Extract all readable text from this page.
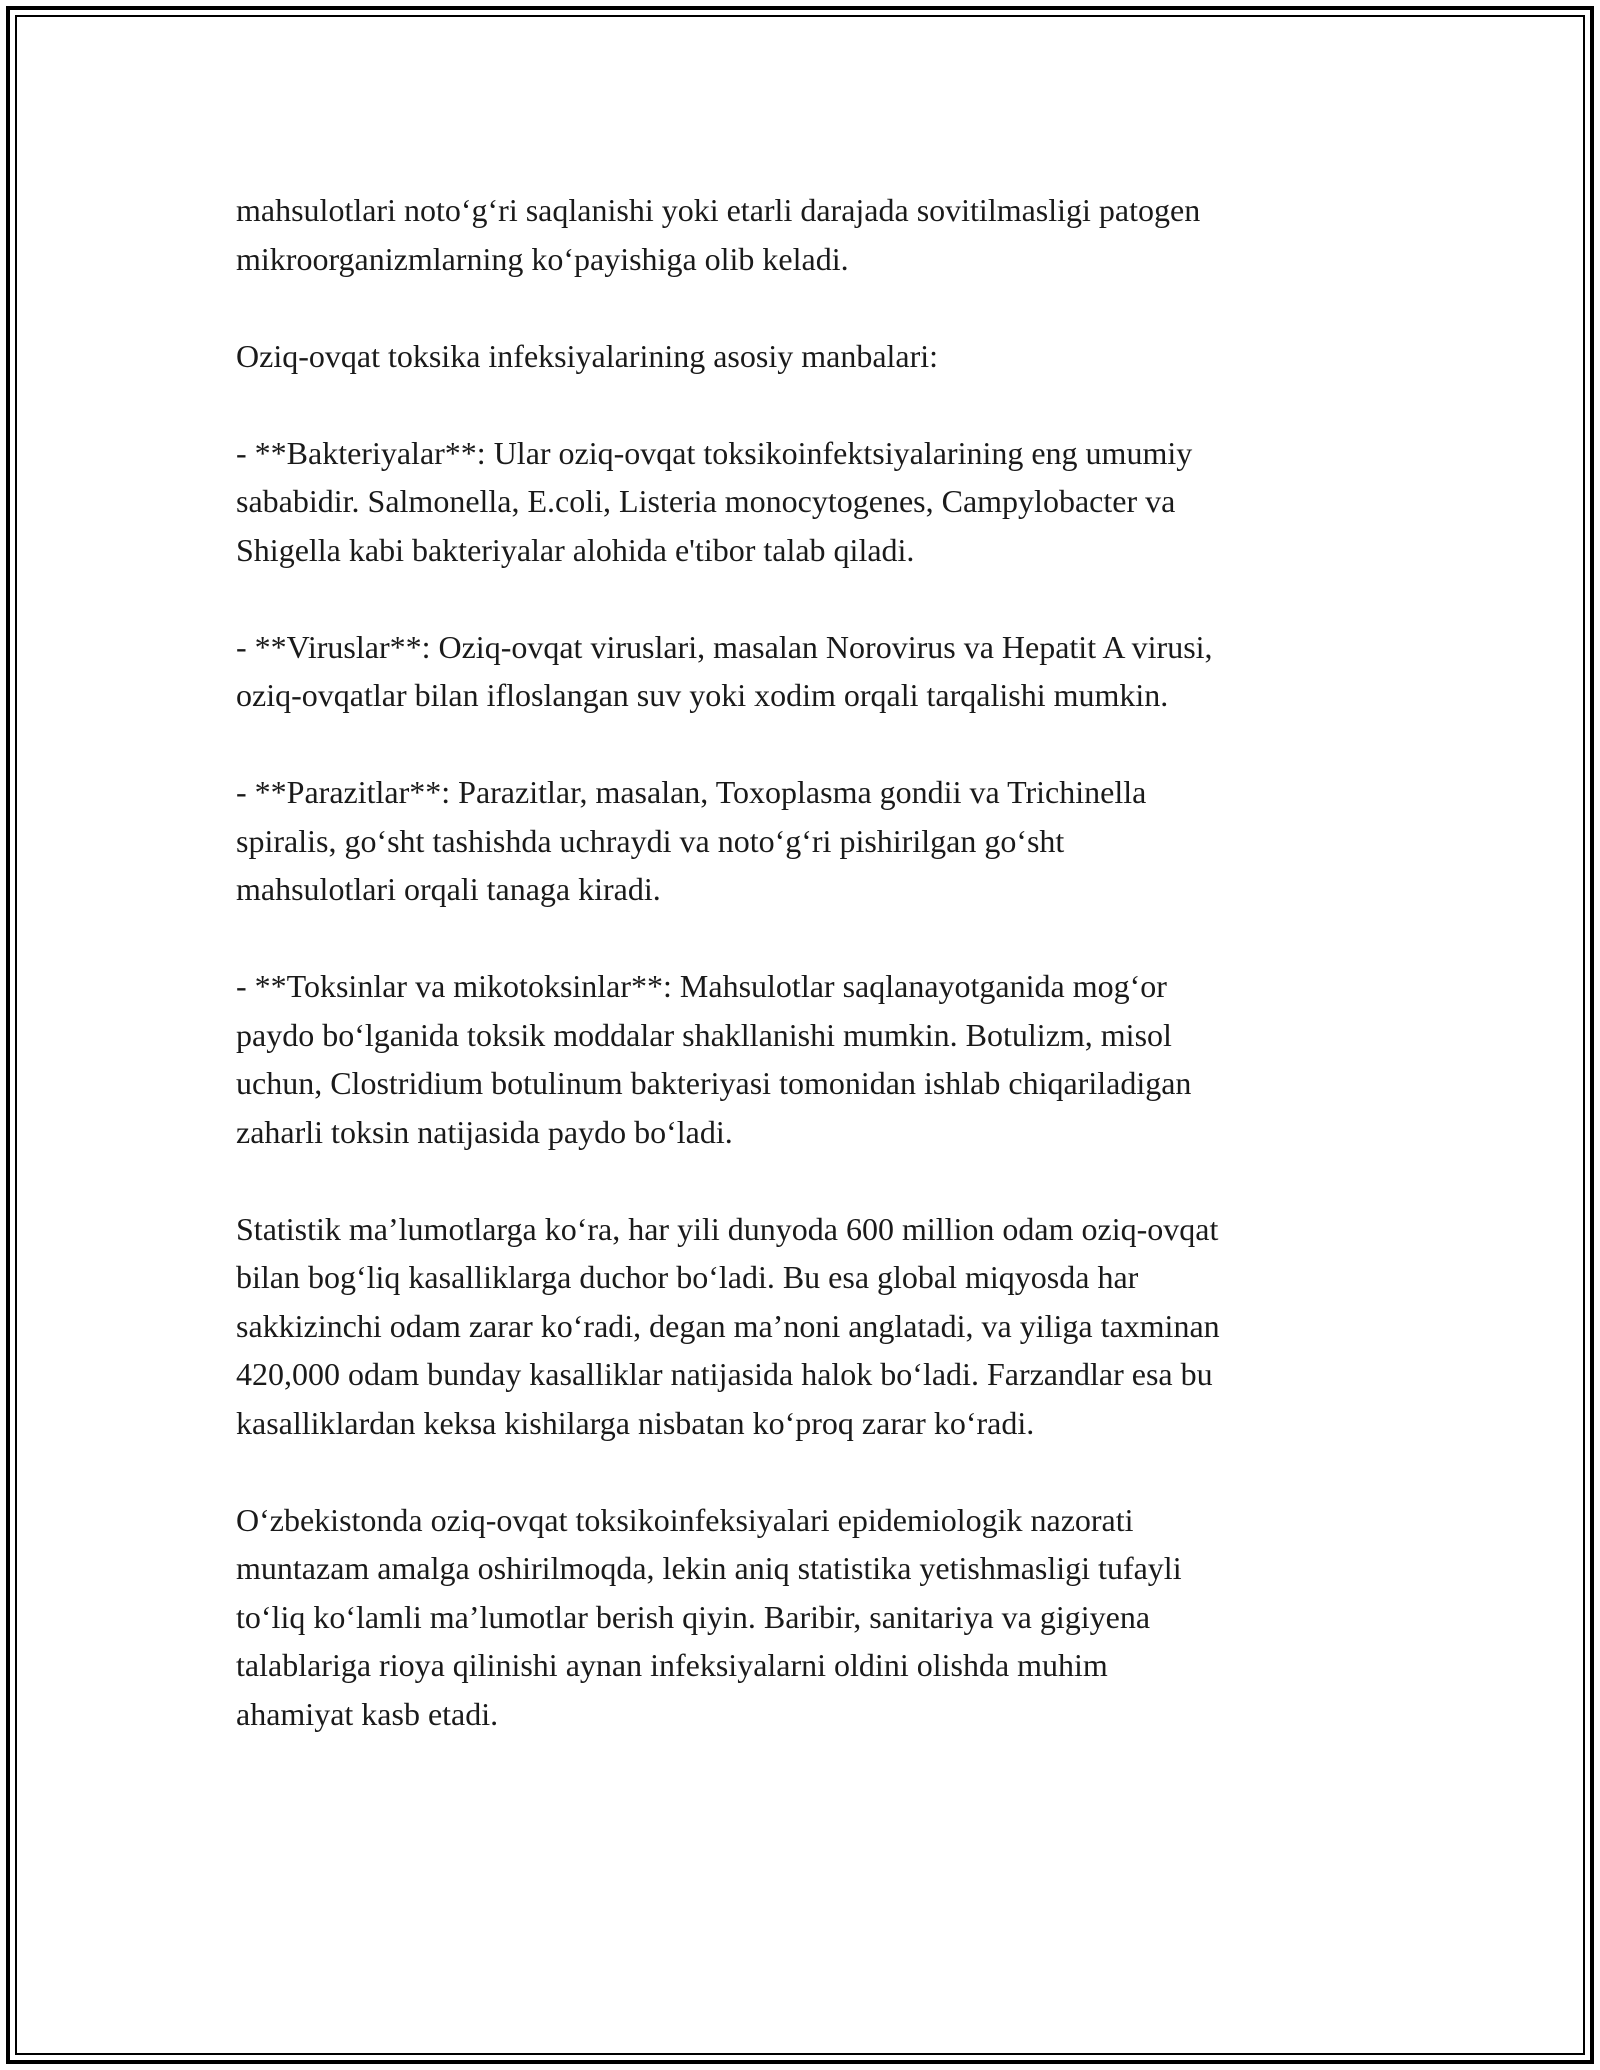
mahsulotlari noto‘g‘ri saqlanishi yoki etarli darajada sovitilmasligi patogen
mikroorganizmlarning ko‘payishiga olib keladi.

Oziq-ovqat toksika infeksiyalarining asosiy manbalari:

- **Bakteriyalar**: Ular oziq-ovqat toksikoinfektsiyalarining eng umumiy
sababidir. Salmonella, E.coli, Listeria monocytogenes, Campylobacter va
Shigella kabi bakteriyalar alohida e'tibor talab qiladi.

- **Viruslar**: Oziq-ovqat viruslari, masalan Norovirus va Hepatit A virusi,
oziq-ovqatlar bilan ifloslangan suv yoki xodim orqali tarqalishi mumkin.

- **Parazitlar**: Parazitlar, masalan, Toxoplasma gondii va Trichinella
spiralis, go‘sht tashishda uchraydi va noto‘g‘ri pishirilgan go‘sht
mahsulotlari orqali tanaga kiradi.

- **Toksinlar va mikotoksinlar**: Mahsulotlar saqlanayotganida mog‘or
paydo bo‘lganida toksik moddalar shakllanishi mumkin. Botulizm, misol
uchun, Clostridium botulinum bakteriyasi tomonidan ishlab chiqariladigan
zaharli toksin natijasida paydo bo‘ladi.

Statistik ma’lumotlarga ko‘ra, har yili dunyoda 600 million odam oziq-ovqat
bilan bog‘liq kasalliklarga duchor bo‘ladi. Bu esa global miqyosda har
sakkizinchi odam zarar ko‘radi, degan ma’noni anglatadi, va yiliga taxminan
420,000 odam bunday kasalliklar natijasida halok bo‘ladi. Farzandlar esa bu
kasalliklardan keksa kishilarga nisbatan ko‘proq zarar ko‘radi.

O‘zbekistonda oziq-ovqat toksikoinfeksiyalari epidemiologik nazorati
muntazam amalga oshirilmoqda, lekin aniq statistika yetishmasligi tufayli
to‘liq ko‘lamli ma’lumotlar berish qiyin. Baribir, sanitariya va gigiyena
talablariga rioya qilinishi aynan infeksiyalarni oldini olishda muhim
ahamiyat kasb etadi.
